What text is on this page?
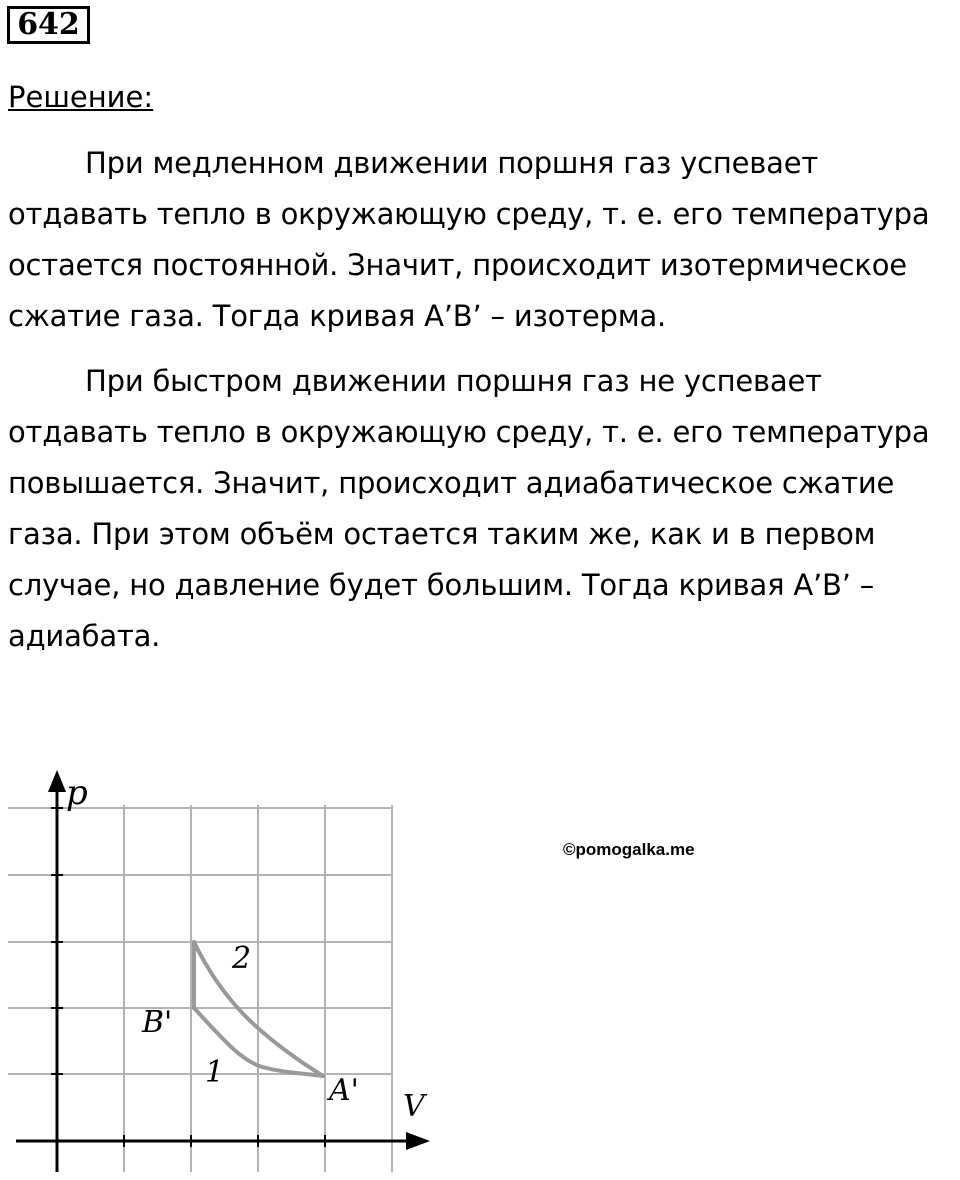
642
Решение:

При медленном движении поршня газ успевает отдавать тепло в окружающую среду, т. е. его температура остается постоянной. Значит, происходит изотермическое сжатие газа. Тогда кривая A’B’ – изотерма.

При быстром движении поршня газ не успевает отдавать тепло в окружающую среду, т. е. его температура повышается. Значит, происходит адиабатическое сжатие газа. При этом объём остается таким же, как и в первом случае, но давление будет большим. Тогда кривая A’B’ – адиабата.

p
V
B'
A'
2
1
©pomogalka.me
